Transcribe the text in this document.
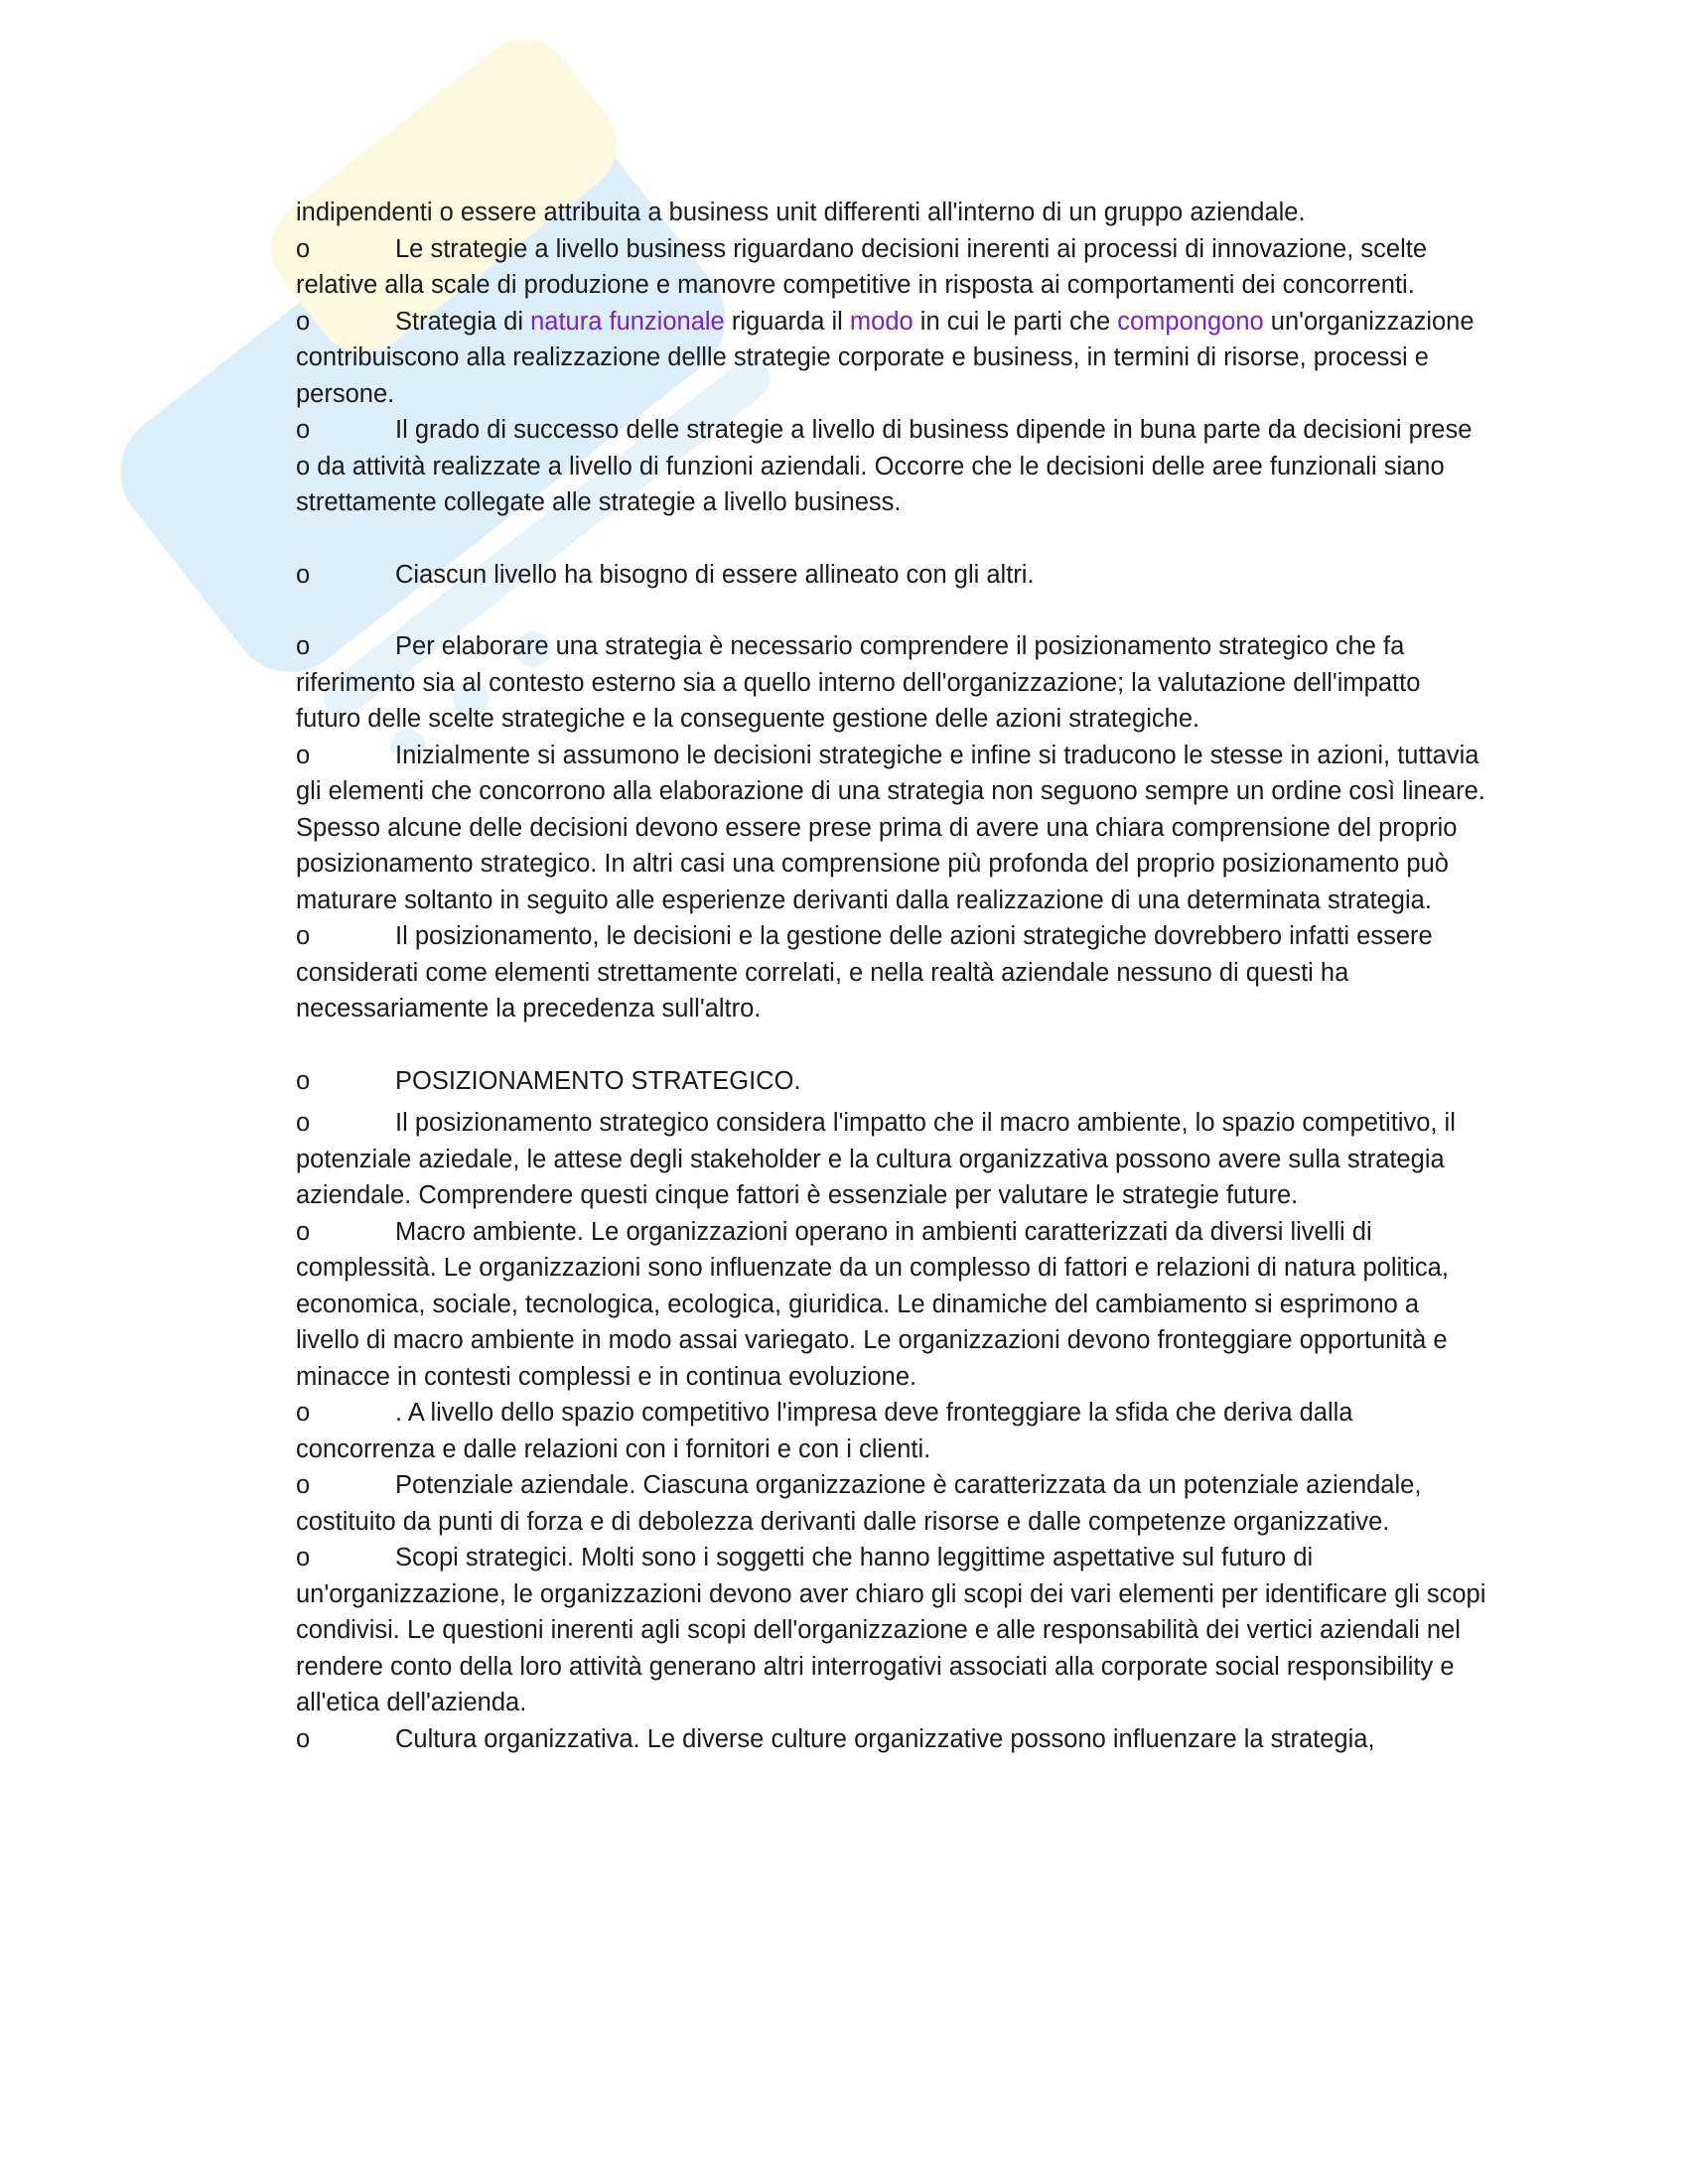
indipendenti o essere attribuita a business unit differenti all'interno di un gruppo aziendale.

o	Le strategie a livello business riguardano decisioni inerenti ai processi di innovazione, scelte relative alla scale di produzione e manovre competitive in risposta ai comportamenti dei concorrenti.

o	Strategia di natura funzionale riguarda il modo in cui le parti che compongono un'organizzazione contribuiscono alla realizzazione dellle strategie corporate e business, in termini di risorse, processi e persone.

o	Il grado di successo delle strategie a livello di business dipende in buna parte da decisioni prese o da attività realizzate a livello di funzioni aziendali. Occorre che le decisioni delle aree funzionali siano strettamente collegate alle strategie a livello business.

o	Ciascun livello ha bisogno di essere allineato con gli altri.

o	Per elaborare una strategia è necessario comprendere il posizionamento strategico che fa riferimento sia al contesto esterno sia a quello interno dell'organizzazione; la valutazione dell'impatto futuro delle scelte strategiche e la conseguente gestione delle azioni strategiche.

o	Inizialmente si assumono le decisioni strategiche e infine si traducono le stesse in azioni, tuttavia gli elementi che concorrono alla elaborazione di una strategia non seguono sempre un ordine così lineare. Spesso alcune delle decisioni devono essere prese prima di avere una chiara comprensione del proprio posizionamento strategico. In altri casi una comprensione più profonda del proprio posizionamento può maturare soltanto in seguito alle esperienze derivanti dalla realizzazione di una determinata strategia.

o	Il posizionamento, le decisioni e la gestione delle azioni strategiche dovrebbero infatti essere considerati come elementi strettamente correlati, e nella realtà aziendale nessuno di questi ha necessariamente la precedenza sull'altro.

o	POSIZIONAMENTO STRATEGICO.

o	Il posizionamento strategico considera l'impatto che il macro ambiente, lo spazio competitivo, il potenziale aziedale, le attese degli stakeholder e la cultura organizzativa possono avere sulla strategia aziendale. Comprendere questi cinque fattori è essenziale per valutare le strategie future.

o	Macro ambiente. Le organizzazioni operano in ambienti caratterizzati da diversi livelli di complessità. Le organizzazioni sono influenzate da un complesso di fattori e relazioni di natura politica, economica, sociale, tecnologica, ecologica, giuridica. Le dinamiche del cambiamento si esprimono a livello di macro ambiente in modo assai variegato. Le organizzazioni devono fronteggiare opportunità e minacce in contesti complessi e in continua evoluzione.

o	. A livello dello spazio competitivo l'impresa deve fronteggiare la sfida che deriva dalla concorrenza e dalle relazioni con i fornitori e con i clienti.

o	Potenziale aziendale. Ciascuna organizzazione è caratterizzata da un potenziale aziendale, costituito da punti di forza e di debolezza derivanti dalle risorse e dalle competenze organizzative.

o	Scopi strategici. Molti sono i soggetti che hanno leggittime aspettative sul futuro di un'organizzazione, le organizzazioni devono aver chiaro gli scopi dei vari elementi per identificare gli scopi condivisi. Le questioni inerenti agli scopi dell'organizzazione e alle responsabilità dei vertici aziendali nel rendere conto della loro attività generano altri interrogativi associati alla corporate social responsibility e all'etica dell'azienda.

o	Cultura organizzativa. Le diverse culture organizzative possono influenzare la strategia,
